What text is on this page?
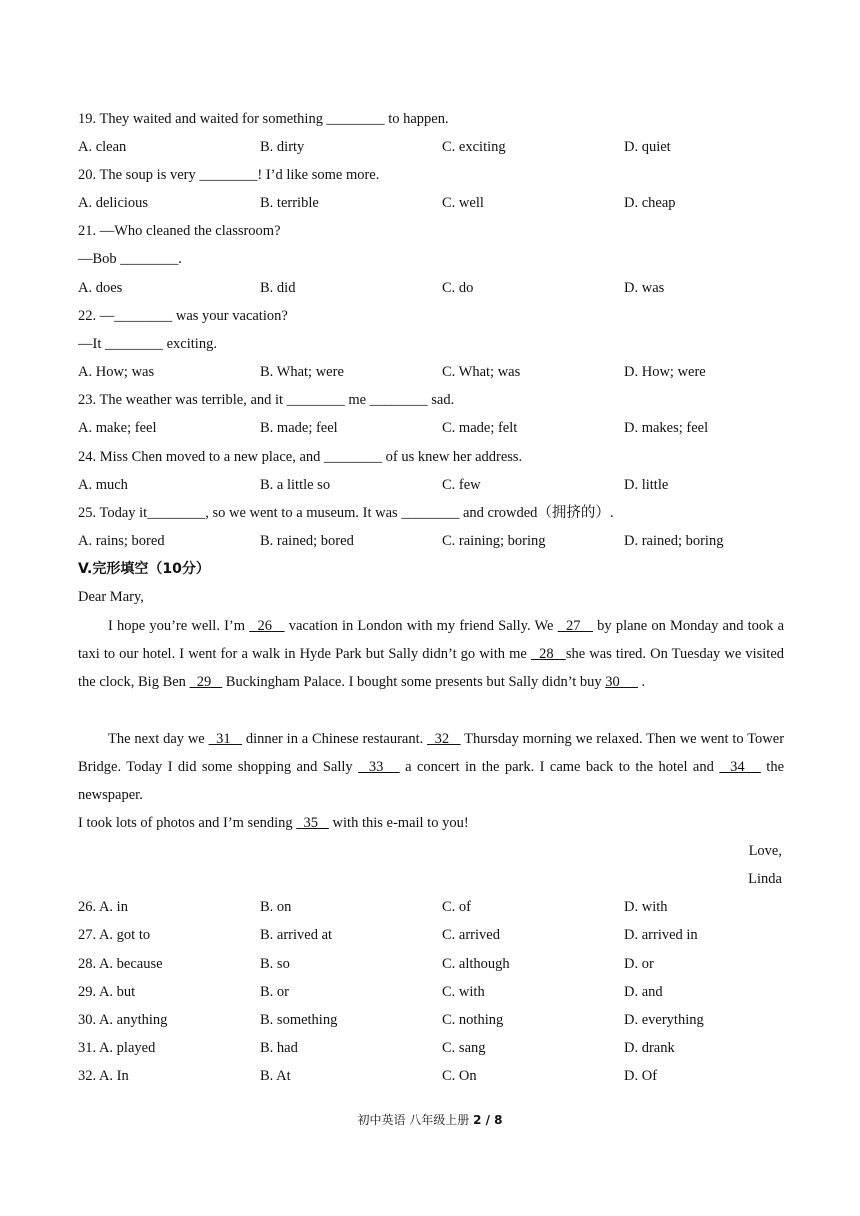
19. They waited and waited for something ________ to happen.
A. clean	B. dirty	C. exciting	D. quiet
20. The soup is very ________! I’d like some more.
A. delicious	B. terrible	C. well	D. cheap
21. —Who cleaned the classroom?
—Bob ________.
A. does	B. did	C. do	D. was
22. —________ was your vacation?
—It ________ exciting.
A. How; was	B. What; were	C. What; was	D. How; were
23. The weather was terrible, and it ________ me ________ sad.
A. make; feel	B. made; feel	C. made; felt	D. makes; feel
24. Miss Chen moved to a new place, and ________ of us knew her address.
A. much	B. a little so	C. few	D. little
25. Today it________, so we went to a museum. It was ________ and crowded（拥挤的）.
A. rains; bored	B. rained; bored	C. raining; boring	D. rained; boring
V.完形填空（10分）
Dear Mary,
I hope you’re well. I’m   26    vacation in London with my friend Sally. We   27    by plane on Monday and took a taxi to our hotel. I went for a walk in Hyde Park but Sally didn’t go with me   28   she was tired. On Tuesday we visited the clock, Big Ben   29    Buckingham Palace. I bought some presents but Sally didn’t buy 30      .
The next day we   31    dinner in a Chinese restaurant.   32    Thursday morning we relaxed. Then we went to Tower Bridge. Today I did some shopping and Sally   33    a concert in the park. I came back to the hotel and   34    the newspaper.
I took lots of photos and I’m sending   35    with this e-mail to you!
Love,
Linda
26. A. in	B. on	C. of	D. with
27. A. got to	B. arrived at	C. arrived	D. arrived in
28. A. because	B. so	C. although	D. or
29. A. but	B. or	C. with	D. and
30. A. anything	B. something	C. nothing	D. everything
31. A. played	B. had	C. sang	D. drank
32. A. In	B. At	C. On	D. Of
初中英语 八年级上册 2 / 8
